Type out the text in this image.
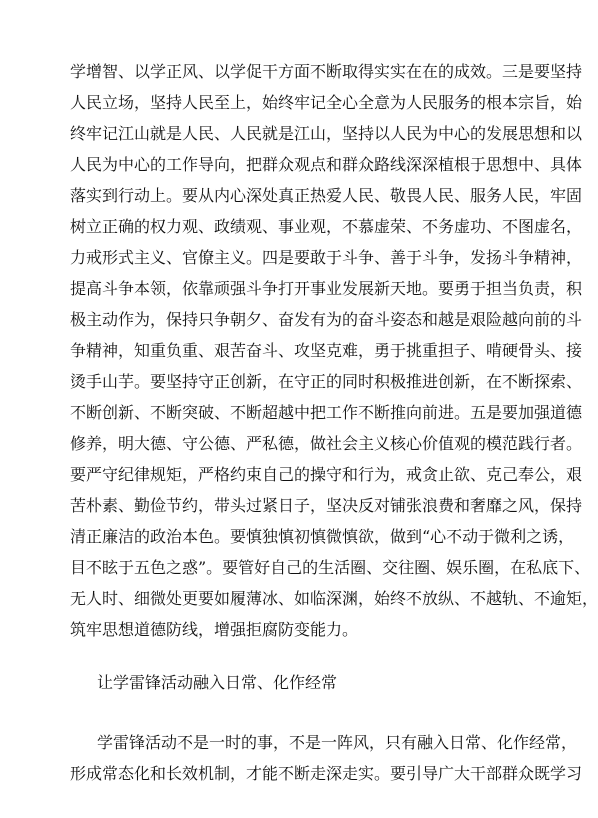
学增智、以学正风、以学促干方面不断取得实实在在的成效。三是要坚持
人民立场，坚持人民至上，始终牢记全心全意为人民服务的根本宗旨，始
终牢记江山就是人民、人民就是江山，坚持以人民为中心的发展思想和以
人民为中心的工作导向，把群众观点和群众路线深深植根于思想中、具体
落实到行动上。要从内心深处真正热爱人民、敬畏人民、服务人民，牢固
树立正确的权力观、政绩观、事业观，不慕虚荣、不务虚功、不图虚名，
力戒形式主义、官僚主义。四是要敢于斗争、善于斗争，发扬斗争精神，
提高斗争本领，依靠顽强斗争打开事业发展新天地。要勇于担当负责，积
极主动作为，保持只争朝夕、奋发有为的奋斗姿态和越是艰险越向前的斗
争精神，知重负重、艰苦奋斗、攻坚克难，勇于挑重担子、啃硬骨头、接
烫手山芋。要坚持守正创新，在守正的同时积极推进创新，在不断探索、
不断创新、不断突破、不断超越中把工作不断推向前进。五是要加强道德
修养，明大德、守公德、严私德，做社会主义核心价值观的模范践行者。
要严守纪律规矩，严格约束自己的操守和行为，戒贪止欲、克己奉公，艰
苦朴素、勤俭节约，带头过紧日子，坚决反对铺张浪费和奢靡之风，保持
清正廉洁的政治本色。要慎独慎初慎微慎欲，做到“心不动于微利之诱，
目不眩于五色之惑”。要管好自己的生活圈、交往圈、娱乐圈，在私底下、
无人时、细微处更要如履薄冰、如临深渊，始终不放纵、不越轨、不逾矩，
筑牢思想道德防线，增强拒腐防变能力。
让学雷锋活动融入日常、化作经常
学雷锋活动不是一时的事，不是一阵风，只有融入日常、化作经常，
形成常态化和长效机制，才能不断走深走实。要引导广大干部群众既学习
